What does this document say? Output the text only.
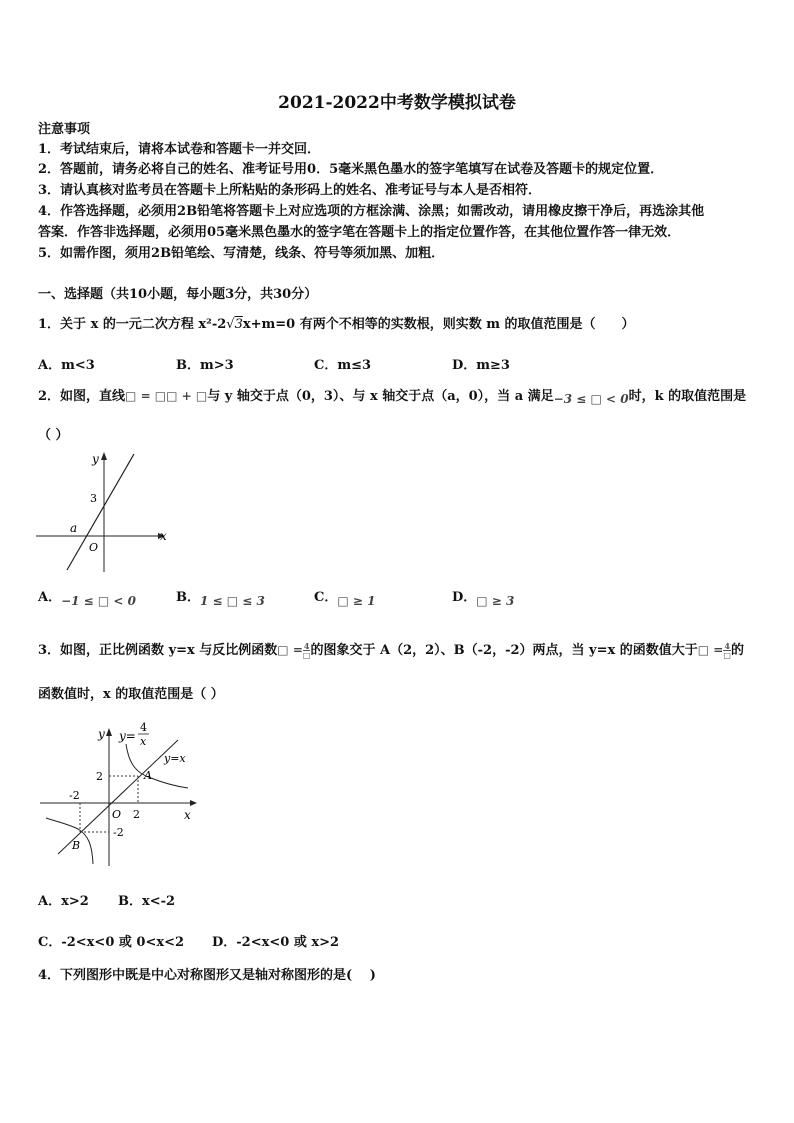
2021-2022中考数学模拟试卷
注意事项
1．考试结束后，请将本试卷和答题卡一并交回．
2．答题前，请务必将自己的姓名、准考证号用0．5毫米黑色墨水的签字笔填写在试卷及答题卡的规定位置．
3．请认真核对监考员在答题卡上所粘贴的条形码上的姓名、准考证号与本人是否相符．
4．作答选择题，必须用2B铅笔将答题卡上对应选项的方框涂满、涂黑；如需改动，请用橡皮擦干净后，再选涂其他
答案．作答非选择题，必须用05毫米黑色墨水的签字笔在答题卡上的指定位置作答，在其他位置作答一律无效．
5．如需作图，须用2B铅笔绘、写清楚，线条、符号等须加黑、加粗．
一、选择题（共10小题，每小题3分，共30分）
1．关于 x 的一元二次方程 x²-2√3x+m=0 有两个不相等的实数根，则实数 m 的取值范围是（　　）
A．m<3	B．m>3	C．m≤3	D．m≥3
2．如图，直线□ = □□ + □与 y 轴交于点（0，3）、与 x 轴交于点（a，0），当 a 满足−3 ≤ □ < 0时，k 的取值范围是
（ ）
y
x
3
a
O
A．−1 ≤ □ < 0	B．1 ≤ □ ≤ 3	C．□ ≥ 1	D．□ ≥ 3
3．如图，正比例函数 y=x 与反比例函数□ = $\frac{4}{□}$ 的图象交于 A（2，2）、B（-2，-2）两点，当 y=x 的函数值大于□ = $\frac{4}{□}$ 的
函数值时，x 的取值范围是（ ）
y y=
4
x
y=x
A
B
O
2
-2
2
-2
x
A．x>2 B．x<-2
C．-2<x<0 或 0<x<2 D．-2<x<0 或 x>2
4．下列图形中既是中心对称图形又是轴对称图形的是(　 )
